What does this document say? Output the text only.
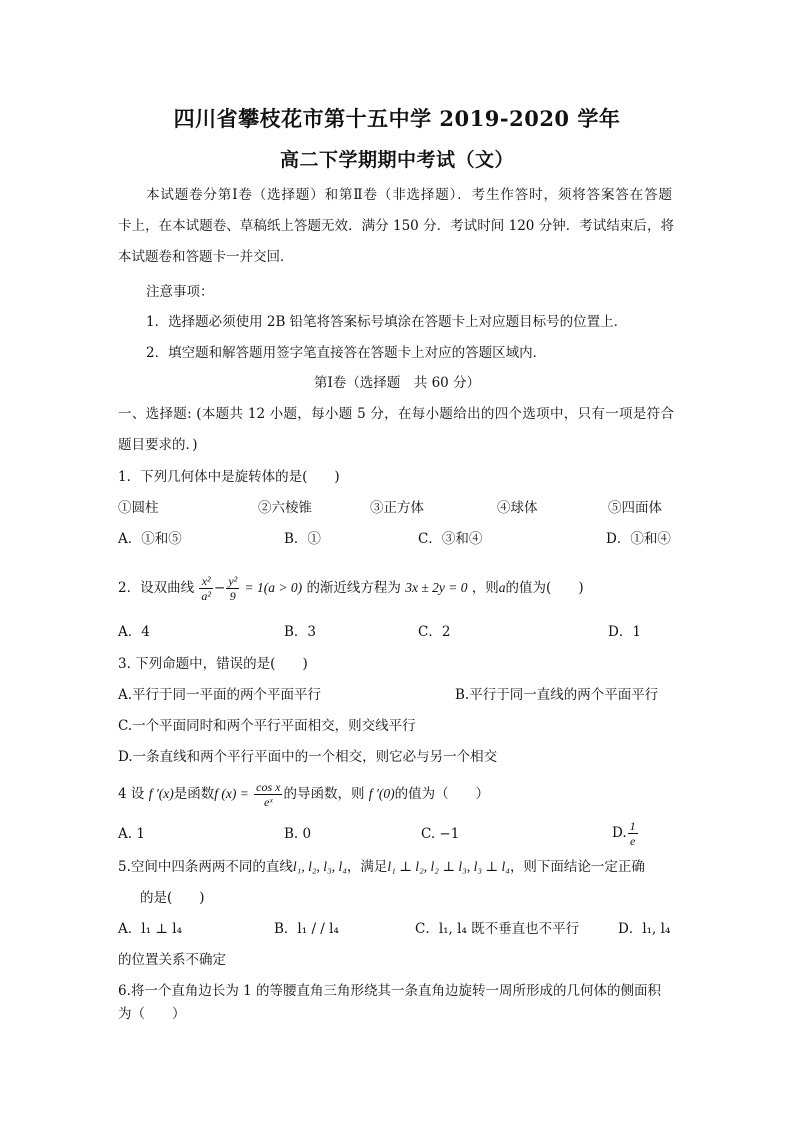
四川省攀枝花市第十五中学 2019-2020 学年
高二下学期期中考试（文）
本试题卷分第Ⅰ卷（选择题）和第Ⅱ卷（非选择题）．考生作答时，须将答案答在答题
卡上，在本试题卷、草稿纸上答题无效．满分 150 分．考试时间 120 分钟．考试结束后，将
本试题卷和答题卡一并交回．
注意事项：
1．选择题必须使用 2B 铅笔将答案标号填涂在答题卡上对应题目标号的位置上．
2．填空题和解答题用签字笔直接答在答题卡上对应的答题区域内．
第Ⅰ卷（选择题　共 60 分）
一、选择题: (本题共 12 小题，每小题 5 分，在每小题给出的四个选项中，只有一项是符合
题目要求的．)
1．下列几何体中是旋转体的是(　　)
①圆柱	②六棱锥	③正方体	④球体	⑤四面体
A．①和⑤	B．①	C．③和④	D．①和④
2．设双曲线 $\frac{\text{x²}}{\text{a²}} - \frac{\text{y²}}{9} = 1(a > 0)$ 的渐近线方程为 3x ± 2y = 0 ，则a的值为(　　)
A．4	B．3	C．2	D．1
3. 下列命题中，错误的是(　　)
A.平行于同一平面的两个平面平行	B.平行于同一直线的两个平面平行
C.一个平面同时和两个平行平面相交，则交线平行
D.一条直线和两个平行平面中的一个相交，则它必与另一个相交
4 设 f ′(x)是函数f $(x) = \frac{\text{cos x}}{\text{eˣ}}$ 的导函数，则 f ′(0)的值为（　　）
A. 1	B. 0	C. −1	D. $\frac{1}{e}$
5.空间中四条两两不同的直线l₁, l₂, l₃, l₄，满足l₁ ⊥ l₂, l₂ ⊥ l₃, l₃ ⊥ l₄，则下面结论一定正确
的是(　　)
A．l₁ ⊥ l₄	B．l₁ / / l₄	C．l₁, l₄ 既不垂直也不平行	D．l₁, l₄
的位置关系不确定
6.将一个直角边长为 1 的等腰直角三角形绕其一条直角边旋转一周所形成的几何体的侧面积
为（　　）
